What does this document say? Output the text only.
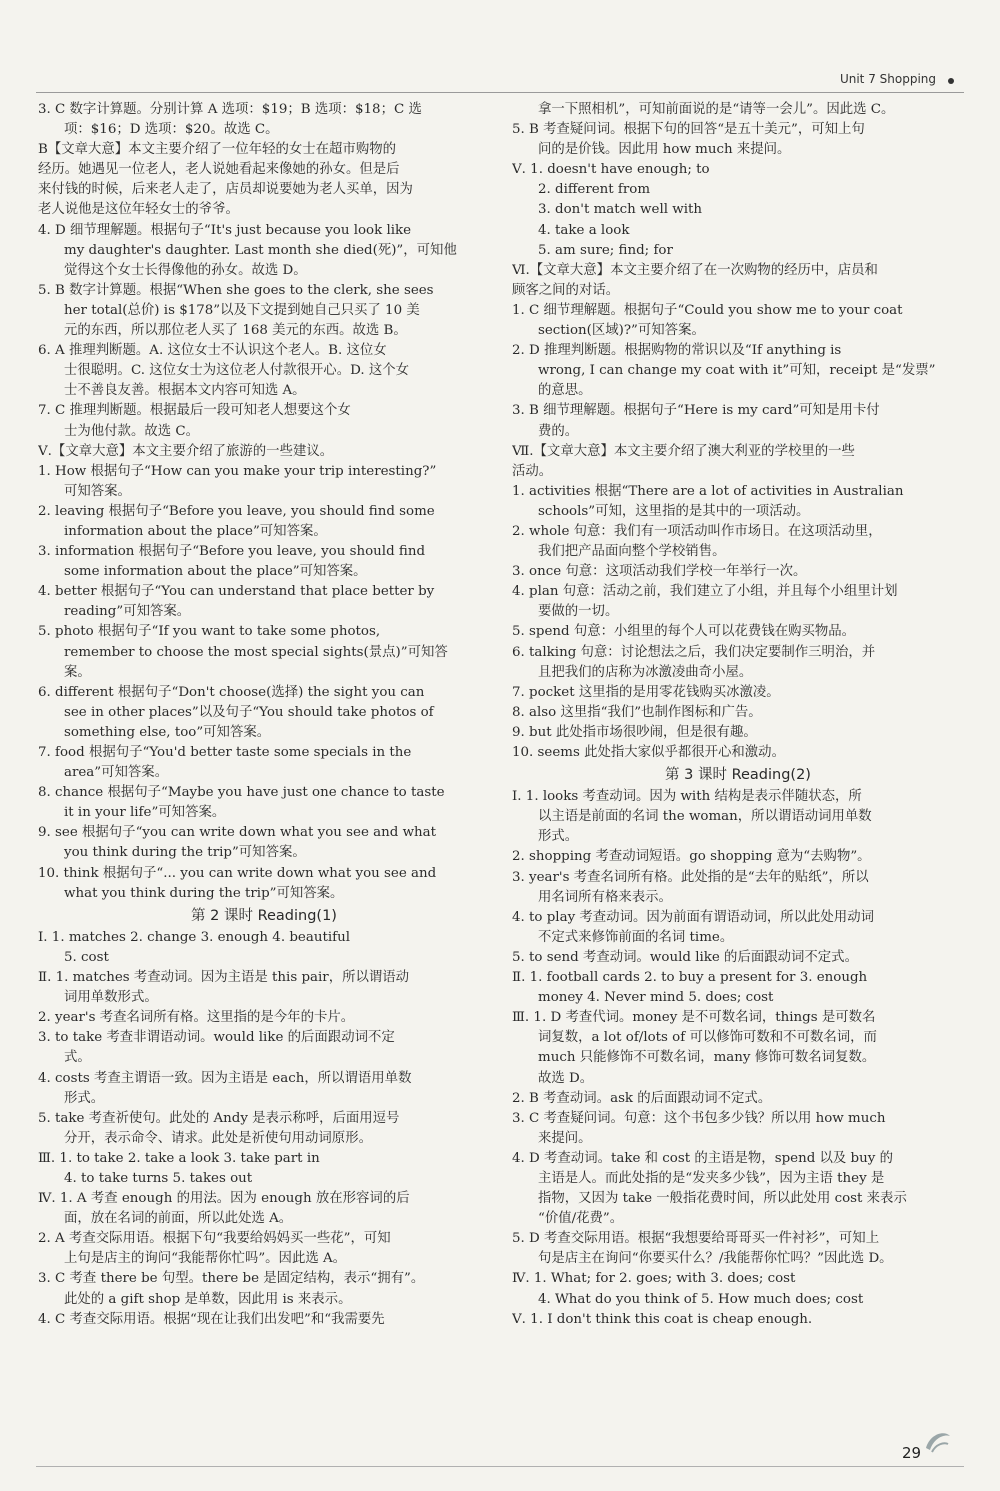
Unit 7 Shopping
3. C 数字计算题。分别计算 A 选项：$19；B 选项：$18；C 选
项：$16；D 选项：$20。故选 C。
B【文章大意】本文主要介绍了一位年轻的女士在超市购物的
经历。她遇见一位老人，老人说她看起来像她的孙女。但是后
来付钱的时候，后来老人走了，店员却说要她为老人买单，因为
老人说他是这位年轻女士的爷爷。
4. D 细节理解题。根据句子“It's just because you look like
my daughter's daughter. Last month she died(死)”，可知他
觉得这个女士长得像他的孙女。故选 D。
5. B 数字计算题。根据“When she goes to the clerk, she sees
her total(总价) is $178”以及下文提到她自己只买了 10 美
元的东西，所以那位老人买了 168 美元的东西。故选 B。
6. A 推理判断题。A. 这位女士不认识这个老人。B. 这位女
士很聪明。C. 这位女士为这位老人付款很开心。D. 这个女
士不善良友善。根据本文内容可知选 A。
7. C 推理判断题。根据最后一段可知老人想要这个女
士为他付款。故选 C。
Ⅴ.【文章大意】本文主要介绍了旅游的一些建议。
1. How 根据句子“How can you make your trip interesting?”
可知答案。
2. leaving 根据句子“Before you leave, you should find some
information about the place”可知答案。
3. information 根据句子“Before you leave, you should find
some information about the place”可知答案。
4. better 根据句子“You can understand that place better by
reading”可知答案。
5. photo 根据句子“If you want to take some photos,
remember to choose the most special sights(景点)”可知答
案。
6. different 根据句子“Don't choose(选择) the sight you can
see in other places”以及句子“You should take photos of
something else, too”可知答案。
7. food 根据句子“You'd better taste some specials in the
area”可知答案。
8. chance 根据句子“Maybe you have just one chance to taste
it in your life”可知答案。
9. see 根据句子“you can write down what you see and what
you think during the trip”可知答案。
10. think 根据句子“... you can write down what you see and
what you think during the trip”可知答案。
第 2 课时 Reading(1)
Ⅰ. 1. matches 2. change 3. enough 4. beautiful
5. cost
Ⅱ. 1. matches 考查动词。因为主语是 this pair，所以谓语动
词用单数形式。
2. year's 考查名词所有格。这里指的是今年的卡片。
3. to take 考查非谓语动词。would like 的后面跟动词不定
式。
4. costs 考查主谓语一致。因为主语是 each，所以谓语用单数
形式。
5. take 考查祈使句。此处的 Andy 是表示称呼，后面用逗号
分开，表示命令、请求。此处是祈使句用动词原形。
Ⅲ. 1. to take 2. take a look 3. take part in
4. to take turns 5. takes out
Ⅳ. 1. A 考查 enough 的用法。因为 enough 放在形容词的后
面，放在名词的前面，所以此处选 A。
2. A 考查交际用语。根据下句“我要给妈妈买一些花”，可知
上句是店主的询问“我能帮你忙吗”。因此选 A。
3. C 考查 there be 句型。there be 是固定结构，表示“拥有”。
此处的 a gift shop 是单数，因此用 is 来表示。
4. C 考查交际用语。根据“现在让我们出发吧”和“我需要先
拿一下照相机”，可知前面说的是“请等一会儿”。因此选 C。
5. B 考查疑问词。根据下句的回答“是五十美元”，可知上句
问的是价钱。因此用 how much 来提问。
Ⅴ. 1. doesn't have enough; to
2. different from
3. don't match well with
4. take a look
5. am sure; find; for
Ⅵ.【文章大意】本文主要介绍了在一次购物的经历中，店员和
顾客之间的对话。
1. C 细节理解题。根据句子“Could you show me to your coat
section(区域)?”可知答案。
2. D 推理判断题。根据购物的常识以及“If anything is
wrong, I can change my coat with it”可知，receipt 是“发票”
的意思。
3. B 细节理解题。根据句子“Here is my card”可知是用卡付
费的。
Ⅶ.【文章大意】本文主要介绍了澳大利亚的学校里的一些
活动。
1. activities 根据“There are a lot of activities in Australian
schools”可知，这里指的是其中的一项活动。
2. whole 句意：我们有一项活动叫作市场日。在这项活动里，
我们把产品面向整个学校销售。
3. once 句意：这项活动我们学校一年举行一次。
4. plan 句意：活动之前，我们建立了小组，并且每个小组里计划
要做的一切。
5. spend 句意：小组里的每个人可以花费钱在购买物品。
6. talking 句意：讨论想法之后，我们决定要制作三明治，并
且把我们的店称为冰激凌曲奇小屋。
7. pocket 这里指的是用零花钱购买冰激凌。
8. also 这里指“我们”也制作图标和广告。
9. but 此处指市场很吵闹，但是很有趣。
10. seems 此处指大家似乎都很开心和激动。
第 3 课时 Reading(2)
Ⅰ. 1. looks 考查动词。因为 with 结构是表示伴随状态，所
以主语是前面的名词 the woman，所以谓语动词用单数
形式。
2. shopping 考查动词短语。go shopping 意为“去购物”。
3. year's 考查名词所有格。此处指的是“去年的贴纸”，所以
用名词所有格来表示。
4. to play 考查动词。因为前面有谓语动词，所以此处用动词
不定式来修饰前面的名词 time。
5. to send 考查动词。would like 的后面跟动词不定式。
Ⅱ. 1. football cards 2. to buy a present for 3. enough
money 4. Never mind 5. does; cost
Ⅲ. 1. D 考查代词。money 是不可数名词，things 是可数名
词复数，a lot of/lots of 可以修饰可数和不可数名词，而
much 只能修饰不可数名词，many 修饰可数名词复数。
故选 D。
2. B 考查动词。ask 的后面跟动词不定式。
3. C 考查疑问词。句意：这个书包多少钱？所以用 how much
来提问。
4. D 考查动词。take 和 cost 的主语是物，spend 以及 buy 的
主语是人。而此处指的是“发夹多少钱”，因为主语 they 是
指物，又因为 take 一般指花费时间，所以此处用 cost 来表示
“价值/花费”。
5. D 考查交际用语。根据“我想要给哥哥买一件衬衫”，可知上
句是店主在询问“你要买什么？/我能帮你忙吗？”因此选 D。
Ⅳ. 1. What; for 2. goes; with 3. does; cost
4. What do you think of 5. How much does; cost
Ⅴ. 1. I don't think this coat is cheap enough.
29
